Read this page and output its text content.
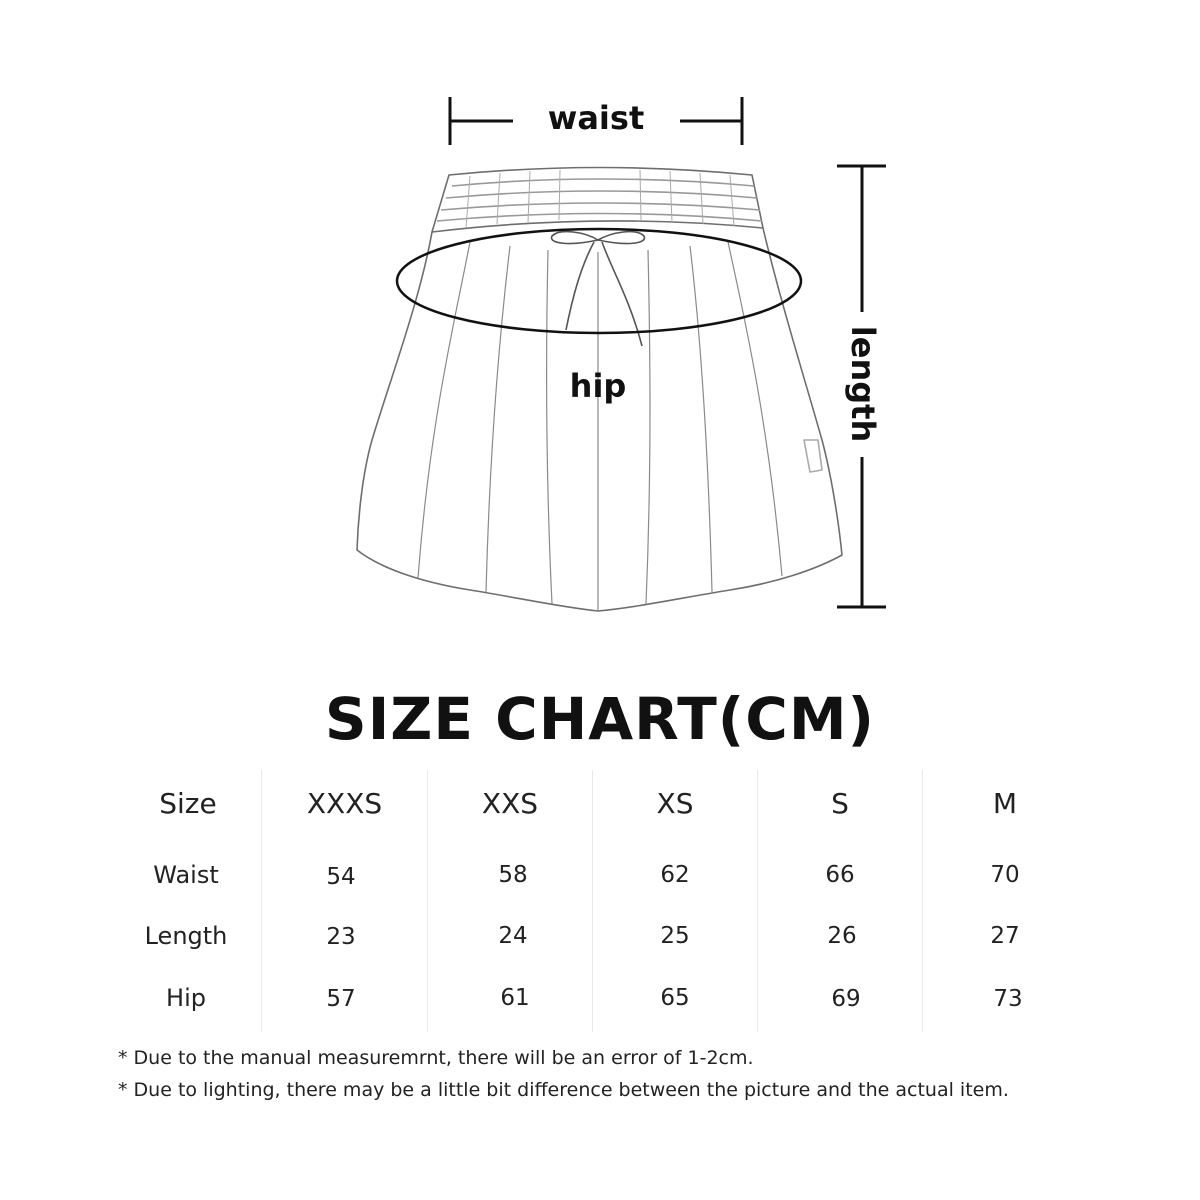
waist
hip	length
SIZE CHART(CM)
Size	XXXS	XXS	XS	S	M
Waist	54	58	62	66	70
Length	23	24	25	26	27
Hip	57	61	65	69	73
* Due to the manual measuremrnt, there will be an error of 1-2cm.
* Due to lighting, there may be a little bit difference between the picture and the actual item.
